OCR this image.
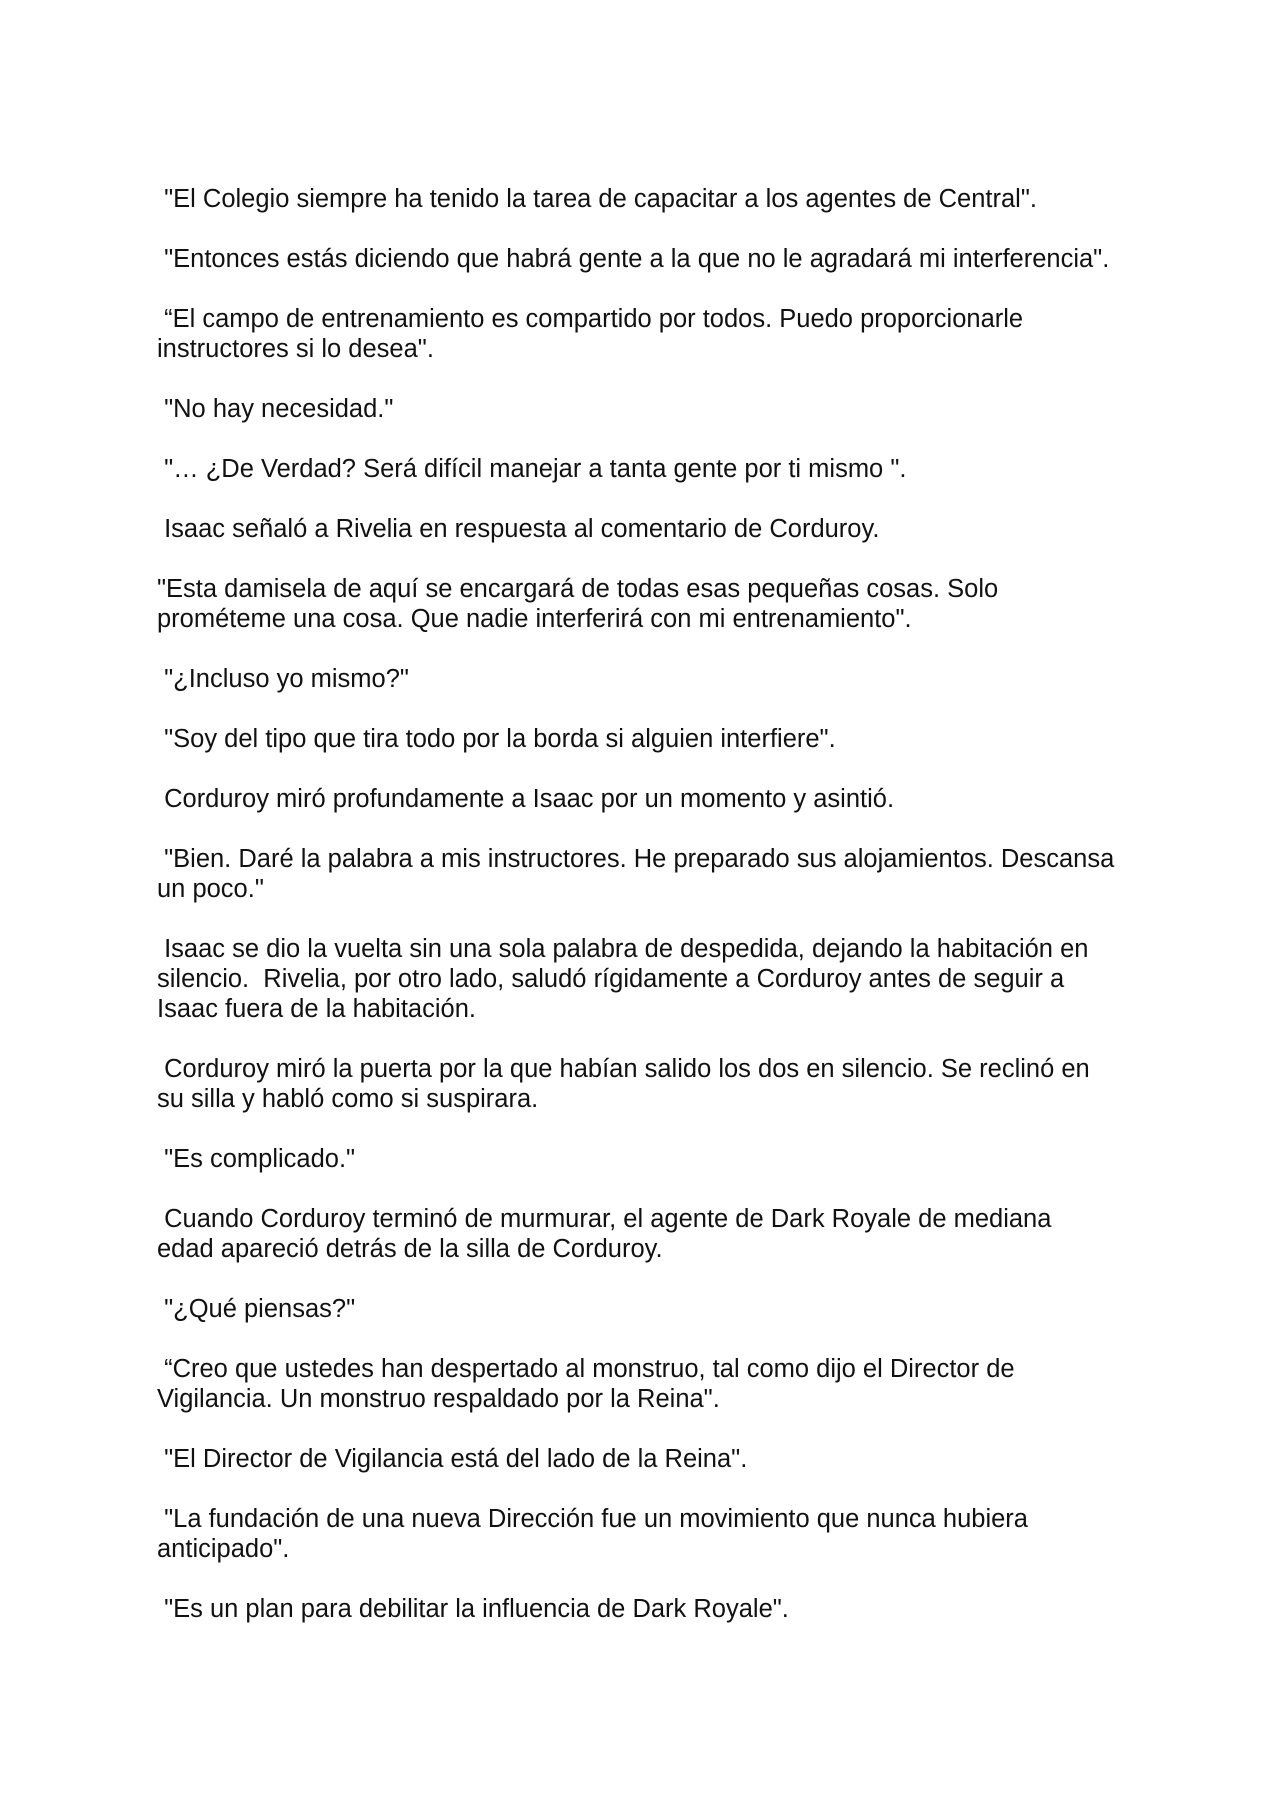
"El Colegio siempre ha tenido la tarea de capacitar a los agentes de Central".

"Entonces estás diciendo que habrá gente a la que no le agradará mi interferencia".

“El campo de entrenamiento es compartido por todos. Puedo proporcionarle
instructores si lo desea".

"No hay necesidad."

"… ¿De Verdad? Será difícil manejar a tanta gente por ti mismo ".

Isaac señaló a Rivelia en respuesta al comentario de Corduroy.

"Esta damisela de aquí se encargará de todas esas pequeñas cosas. Solo
prométeme una cosa. Que nadie interferirá con mi entrenamiento".

"¿Incluso yo mismo?"

"Soy del tipo que tira todo por la borda si alguien interfiere".

Corduroy miró profundamente a Isaac por un momento y asintió.

"Bien. Daré la palabra a mis instructores. He preparado sus alojamientos. Descansa
un poco."

Isaac se dio la vuelta sin una sola palabra de despedida, dejando la habitación en
silencio.  Rivelia, por otro lado, saludó rígidamente a Corduroy antes de seguir a
Isaac fuera de la habitación.

Corduroy miró la puerta por la que habían salido los dos en silencio. Se reclinó en
su silla y habló como si suspirara.

"Es complicado."

Cuando Corduroy terminó de murmurar, el agente de Dark Royale de mediana
edad apareció detrás de la silla de Corduroy.

"¿Qué piensas?"

“Creo que ustedes han despertado al monstruo, tal como dijo el Director de
Vigilancia. Un monstruo respaldado por la Reina".

"El Director de Vigilancia está del lado de la Reina".

"La fundación de una nueva Dirección fue un movimiento que nunca hubiera
anticipado".

"Es un plan para debilitar la influencia de Dark Royale".
